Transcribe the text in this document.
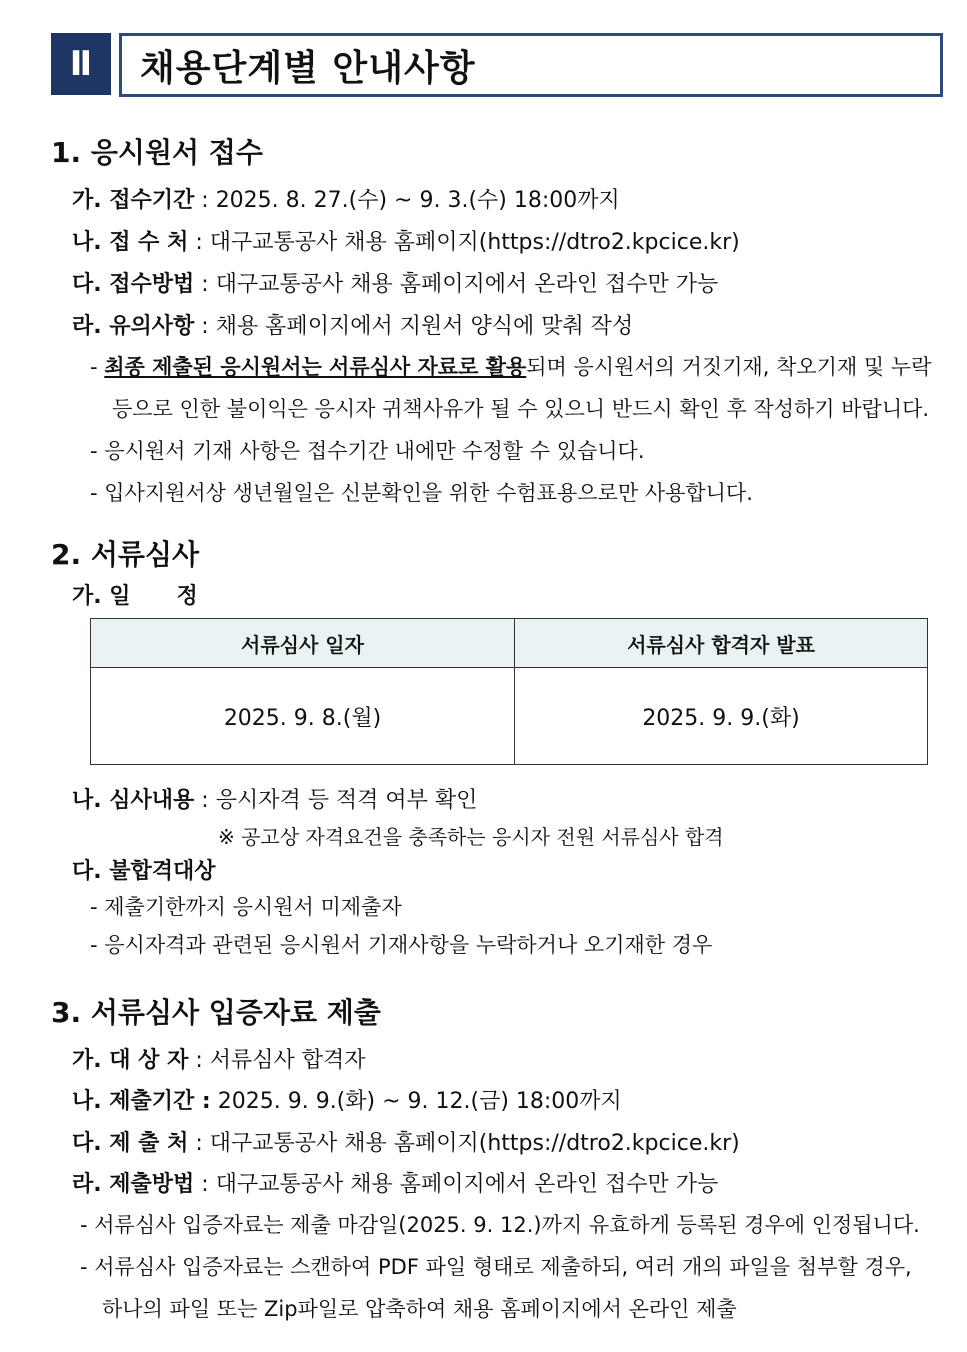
Ⅱ	채용단계별 안내사항
1. 응시원서 접수
가. 접수기간 : 2025. 8. 27.(수) ~ 9. 3.(수) 18:00까지
나. 접 수 처 : 대구교통공사 채용 홈페이지(https://dtro2.kpcice.kr)
다. 접수방법 : 대구교통공사 채용 홈페이지에서 온라인 접수만 가능
라. 유의사항 : 채용 홈페이지에서 지원서 양식에 맞춰 작성
- 최종 제출된 응시원서는 서류심사 자료로 활용되며 응시원서의 거짓기재, 착오기재 및 누락
등으로 인한 불이익은 응시자 귀책사유가 될 수 있으니 반드시 확인 후 작성하기 바랍니다.
- 응시원서 기재 사항은 접수기간 내에만 수정할 수 있습니다.
- 입사지원서상 생년월일은 신분확인을 위한 수험표용으로만 사용합니다.
2. 서류심사
가. 일      정
서류심사 일자	서류심사 합격자 발표
2025. 9. 8.(월)	2025. 9. 9.(화)
나. 심사내용 : 응시자격 등 적격 여부 확인
※ 공고상 자격요건을 충족하는 응시자 전원 서류심사 합격
다. 불합격대상
- 제출기한까지 응시원서 미제출자
- 응시자격과 관련된 응시원서 기재사항을 누락하거나 오기재한 경우
3. 서류심사 입증자료 제출
가. 대 상 자 : 서류심사 합격자
나. 제출기간 : 2025. 9. 9.(화) ~ 9. 12.(금) 18:00까지
다. 제 출 처 : 대구교통공사 채용 홈페이지(https://dtro2.kpcice.kr)
라. 제출방법 : 대구교통공사 채용 홈페이지에서 온라인 접수만 가능
- 서류심사 입증자료는 제출 마감일(2025. 9. 12.)까지 유효하게 등록된 경우에 인정됩니다.
- 서류심사 입증자료는 스캔하여 PDF 파일 형태로 제출하되, 여러 개의 파일을 첨부할 경우,
하나의 파일 또는 Zip파일로 압축하여 채용 홈페이지에서 온라인 제출
